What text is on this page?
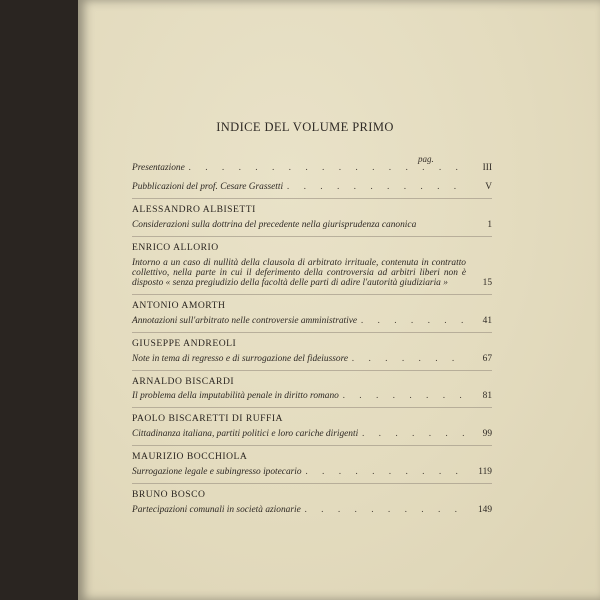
INDICE DEL VOLUME PRIMO
pag.
Presentazione . . .	III
Pubblicazioni del prof. Cesare Grassetti . . .	V
ALESSANDRO ALBISETTI
Considerazioni sulla dottrina del precedente nella giurisprudenza canonica	1
ENRICO ALLORIO
Intorno a un caso di nullità della clausola di arbitrato irrituale, contenuta in contratto collettivo, nella parte in cui il deferimento della controversia ad arbitri liberi non è disposto « senza pregiudizio della facoltà delle parti di adire l'autorità giudiziaria »	15
ANTONIO AMORTH
Annotazioni sull'arbitrato nelle controversie amministrative . . .	41
GIUSEPPE ANDREOLI
Note in tema di regresso e di surrogazione del fideiussore . . .	67
ARNALDO BISCARDI
Il problema della imputabilità penale in diritto romano . . .	81
PAOLO BISCARETTI DI RUFFIA
Cittadinanza italiana, partiti politici e loro cariche dirigenti . . .	99
MAURIZIO BOCCHIOLA
Surrogazione legale e subingresso ipotecario . . .	119
BRUNO BOSCO
Partecipazioni comunali in società azionarie . . .	149
